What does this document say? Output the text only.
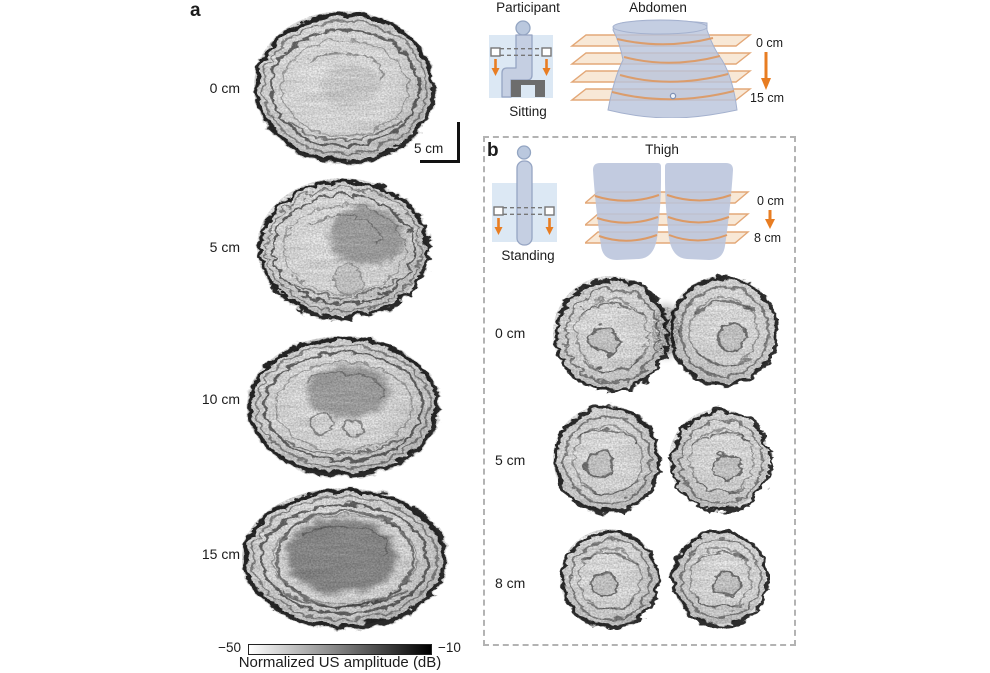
a
0 cm
5 cm
5 cm
10 cm
15 cm
−50	−10
Normalized US amplitude (dB)
Participant
Sitting
Abdomen
0 cm
15 cm
b
Standing
Thigh
0 cm
8 cm
0 cm
5 cm
8 cm
